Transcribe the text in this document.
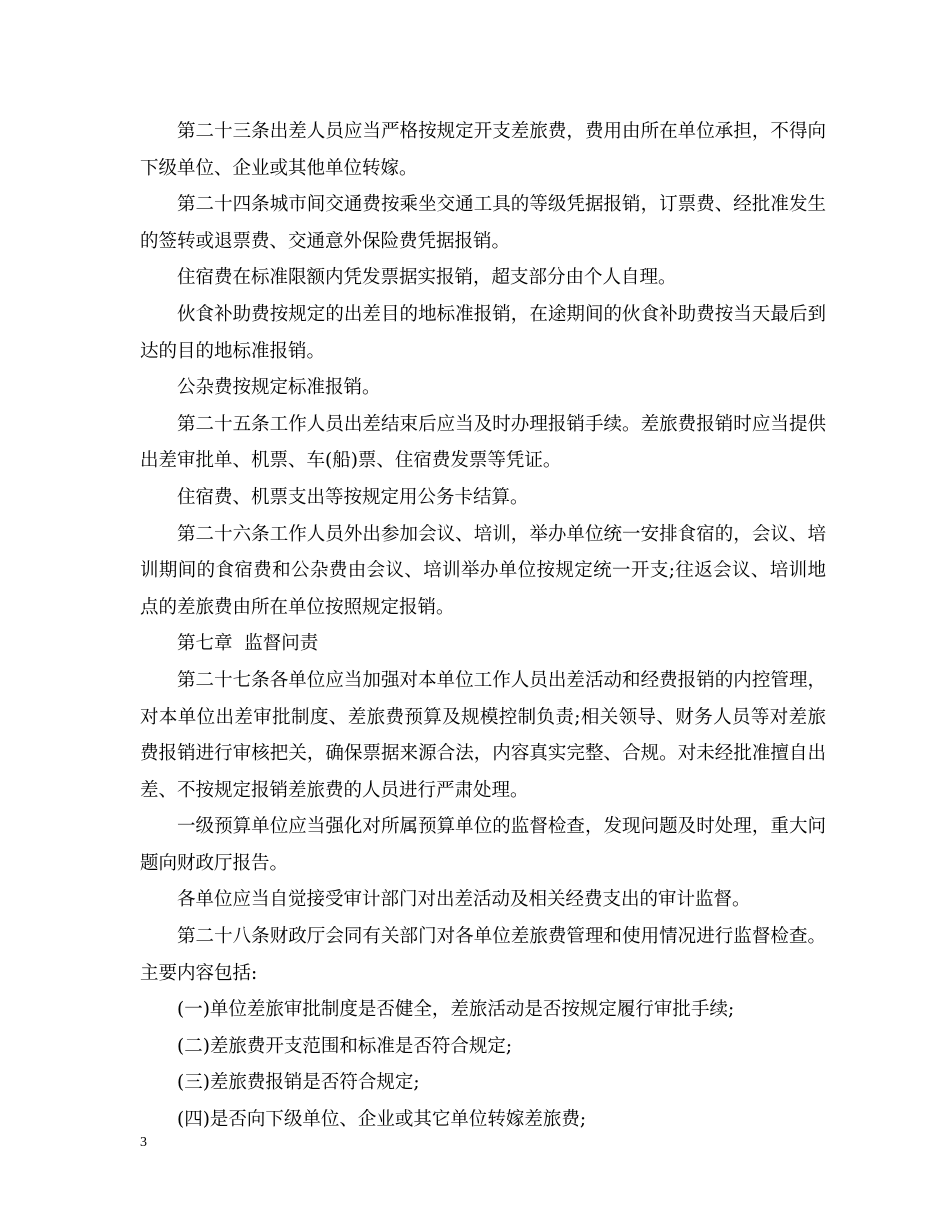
第二十三条出差人员应当严格按规定开支差旅费，费用由所在单位承担，不得向下级单位、企业或其他单位转嫁。

第二十四条城市间交通费按乘坐交通工具的等级凭据报销，订票费、经批准发生的签转或退票费、交通意外保险费凭据报销。

住宿费在标准限额内凭发票据实报销，超支部分由个人自理。

伙食补助费按规定的出差目的地标准报销，在途期间的伙食补助费按当天最后到达的目的地标准报销。

公杂费按规定标准报销。

第二十五条工作人员出差结束后应当及时办理报销手续。差旅费报销时应当提供出差审批单、机票、车(船)票、住宿费发票等凭证。

住宿费、机票支出等按规定用公务卡结算。

第二十六条工作人员外出参加会议、培训，举办单位统一安排食宿的，会议、培训期间的食宿费和公杂费由会议、培训举办单位按规定统一开支;往返会议、培训地点的差旅费由所在单位按照规定报销。

第七章  监督问责

第二十七条各单位应当加强对本单位工作人员出差活动和经费报销的内控管理，对本单位出差审批制度、差旅费预算及规模控制负责;相关领导、财务人员等对差旅费报销进行审核把关，确保票据来源合法，内容真实完整、合规。对未经批准擅自出差、不按规定报销差旅费的人员进行严肃处理。

一级预算单位应当强化对所属预算单位的监督检查，发现问题及时处理，重大问题向财政厅报告。

各单位应当自觉接受审计部门对出差活动及相关经费支出的审计监督。

第二十八条财政厅会同有关部门对各单位差旅费管理和使用情况进行监督检查。主要内容包括:

(一)单位差旅审批制度是否健全，差旅活动是否按规定履行审批手续;

(二)差旅费开支范围和标准是否符合规定;

(三)差旅费报销是否符合规定;

(四)是否向下级单位、企业或其它单位转嫁差旅费;

3
